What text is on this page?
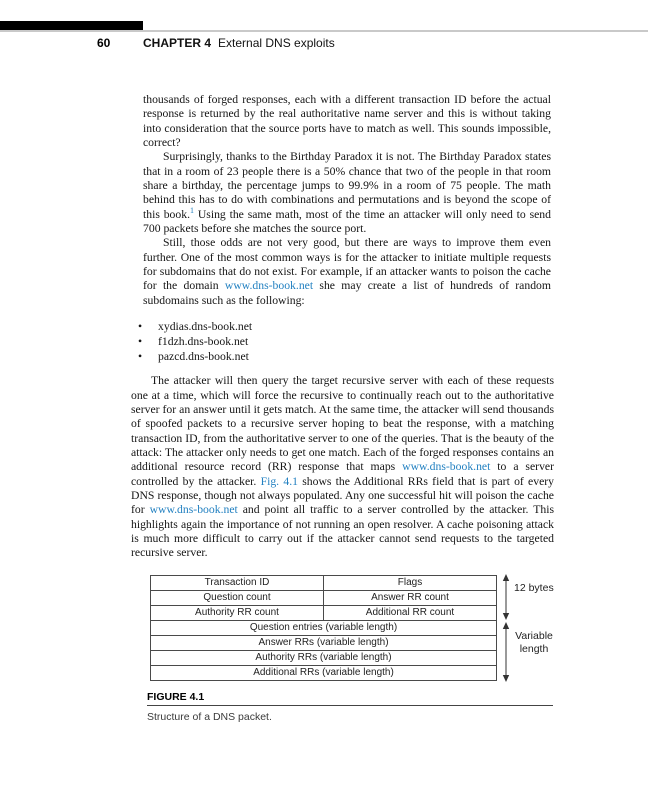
60	CHAPTER 4 External DNS exploits

thousands of forged responses, each with a different transaction ID before the actual response is returned by the real authoritative name server and this is without taking into consideration that the source ports have to match as well. This sounds impossible, correct?

Surprisingly, thanks to the Birthday Paradox it is not. The Birthday Paradox states that in a room of 23 people there is a 50% chance that two of the people in that room share a birthday, the percentage jumps to 99.9% in a room of 75 people. The math behind this has to do with combinations and permutations and is beyond the scope of this book.$^1$ Using the same math, most of the time an attacker will only need to send 700 packets before she matches the source port.

Still, those odds are not very good, but there are ways to improve them even further. One of the most common ways is for the attacker to initiate multiple requests for subdomains that do not exist. For example, if an attacker wants to poison the cache for the domain www.dns-book.net she may create a list of hundreds of random subdomains such as the following:

• xydias.dns-book.net
• f1dzh.dns-book.net
• pazcd.dns-book.net

The attacker will then query the target recursive server with each of these requests one at a time, which will force the recursive to continually reach out to the authoritative server for an answer until it gets match. At the same time, the attacker will send thousands of spoofed packets to a recursive server hoping to beat the response, with a matching transaction ID, from the authoritative server to one of the queries. That is the beauty of the attack: The attacker only needs to get one match. Each of the forged responses contains an additional resource record (RR) response that maps www.dns-book.net to a server controlled by the attacker. Fig. 4.1 shows the Additional RRs field that is part of every DNS response, though not always populated. Any one successful hit will poison the cache for www.dns-book.net and point all traffic to a server controlled by the attacker. This highlights again the importance of not running an open resolver. A cache poisoning attack is much more difficult to carry out if the attacker cannot send requests to the targeted recursive server.

Transaction ID	Flags
Question count	Answer RR count
Authority RR count	Additional RR count
Question entries (variable length)
Answer RRs (variable length)
Authority RRs (variable length)
Additional RRs (variable length)
12 bytes
Variable length
FIGURE 4.1
Structure of a DNS packet.
